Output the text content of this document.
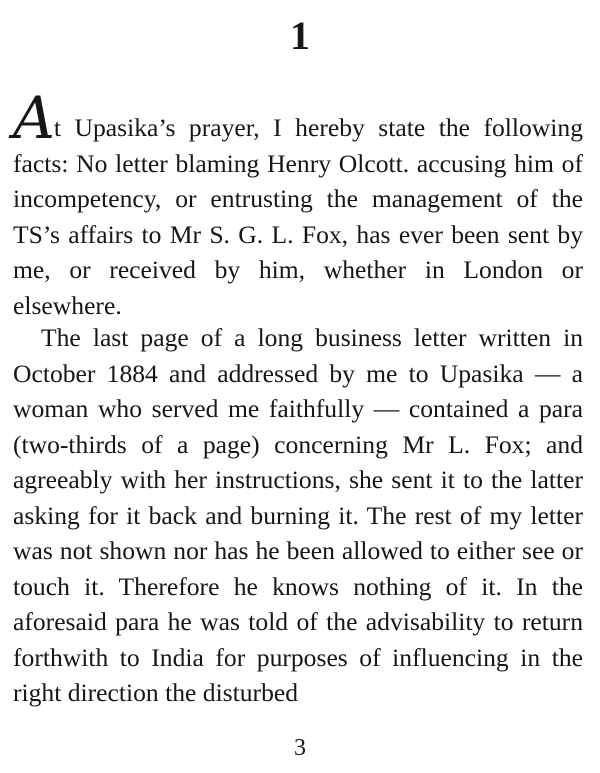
1

At Upasika’s prayer, I hereby state the following facts: No letter blaming Henry Olcott. accusing him of incompetency, or entrusting the management of the TS’s affairs to Mr S. G. L. Fox, has ever been sent by me, or received by him, whether in London or elsewhere.

The last page of a long business letter written in October 1884 and addressed by me to Upasika — a woman who served me faithfully — contained a para (two-thirds of a page) concerning Mr L. Fox; and agreeably with her instructions, she sent it to the latter asking for it back and burning it. The rest of my letter was not shown nor has he been allowed to either see or touch it. Therefore he knows nothing of it. In the aforesaid para he was told of the advisability to return forthwith to India for purposes of influencing in the right direction the disturbed

3
